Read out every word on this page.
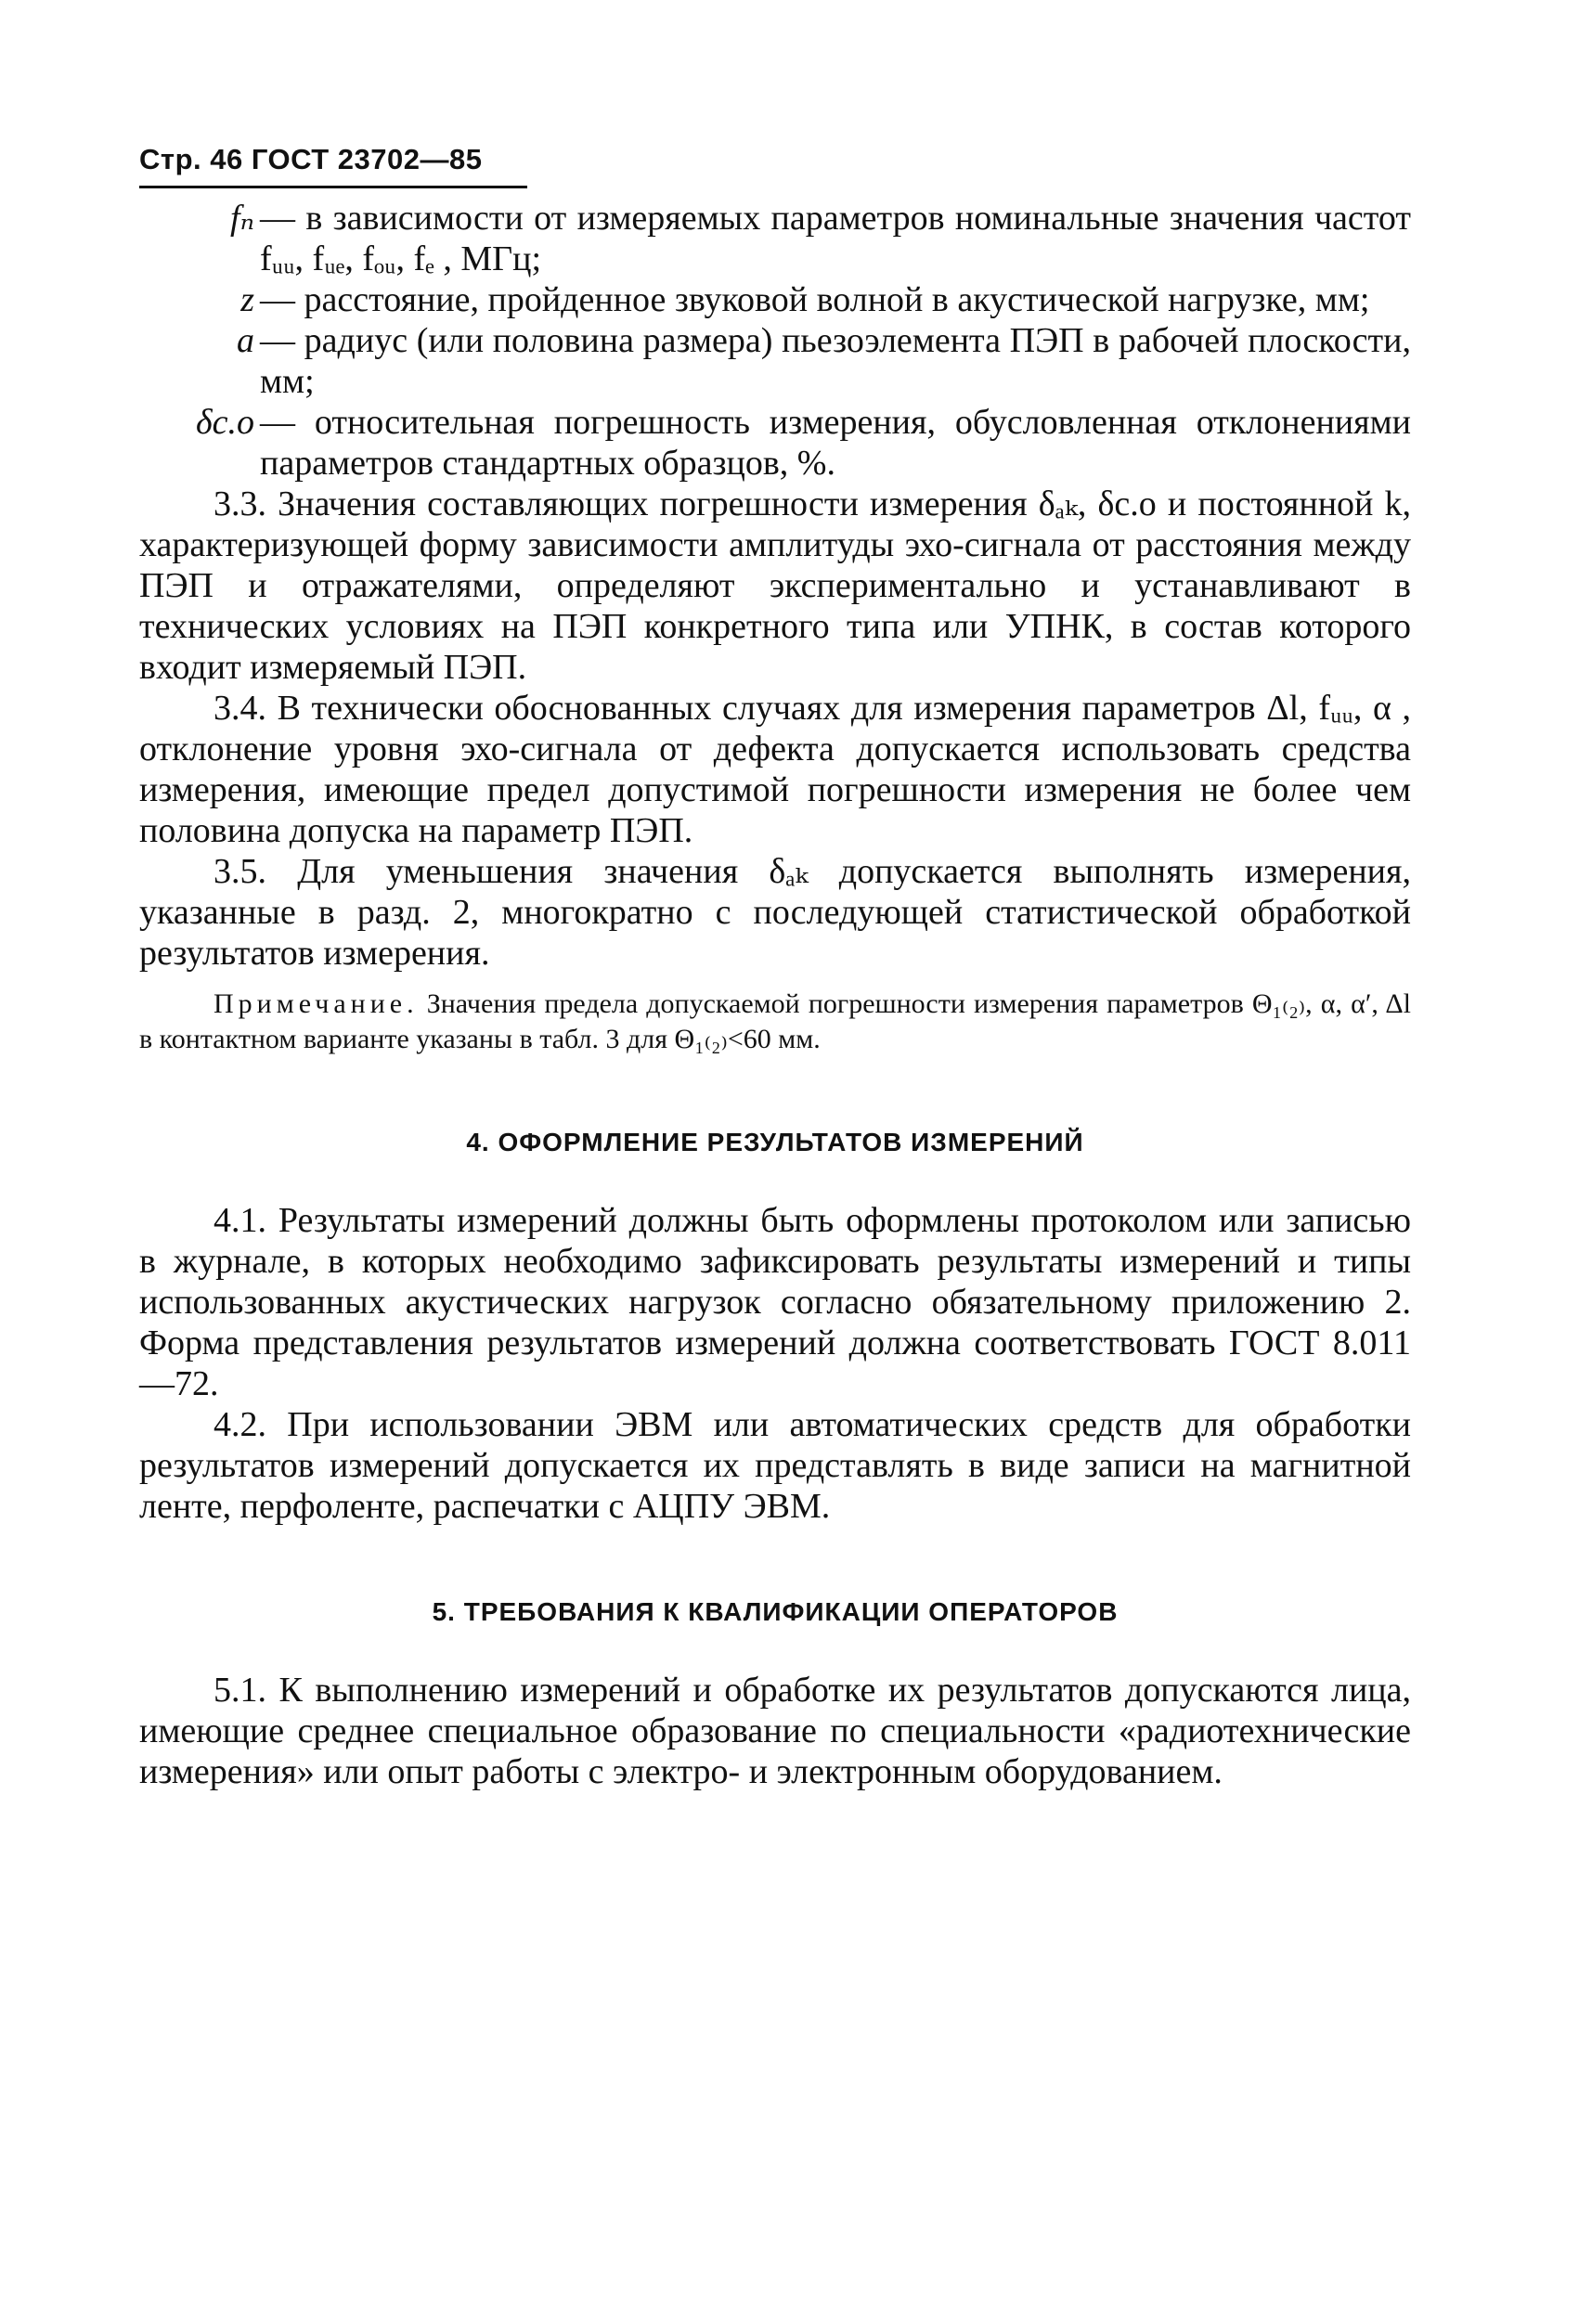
Стр. 46 ГОСТ 23702—85
fₙ — в зависимости от измеряемых параметров номинальные значения частот fᵤᵤ, fᵤₑ, fₒᵤ, fₑ , МГц;
z — расстояние, пройденное звуковой волной в акустической нагрузке, мм;
a — радиус (или половина размера) пьезоэлемента ПЭП в рабочей плоскости, мм;
δс.о — относительная погрешность измерения, обусловленная отклонениями параметров стандартных образцов, %.

3.3. Значения составляющих погрешности измерения δₐₖ, δс.о и постоянной k, характеризующей форму зависимости амплитуды эхо-сигнала от расстояния между ПЭП и отражателями, определяют экспериментально и устанавливают в технических условиях на ПЭП конкретного типа или УПНК, в состав которого входит измеряемый ПЭП.

3.4. В технически обоснованных случаях для измерения параметров Δl, fᵤᵤ, α , отклонение уровня эхо-сигнала от дефекта допускается использовать средства измерения, имеющие предел допустимой погрешности измерения не более чем половина допуска на параметр ПЭП.

3.5. Для уменьшения значения δₐₖ допускается выполнять измерения, указанные в разд. 2, многократно с последующей статистической обработкой результатов измерения.

Примечание. Значения предела допускаемой погрешности измерения параметров Θ₁₍₂₎, α, α′, Δl в контактном варианте указаны в табл. 3 для Θ₁₍₂₎<60 мм.

4. ОФОРМЛЕНИЕ РЕЗУЛЬТАТОВ ИЗМЕРЕНИЙ

4.1. Результаты измерений должны быть оформлены протоколом или записью в журнале, в которых необходимо зафиксировать результаты измерений и типы использованных акустических нагрузок согласно обязательному приложению 2. Форма представления результатов измерений должна соответствовать ГОСТ 8.011—72.

4.2. При использовании ЭВМ или автоматических средств для обработки результатов измерений допускается их представлять в виде записи на магнитной ленте, перфоленте, распечатки с АЦПУ ЭВМ.

5. ТРЕБОВАНИЯ К КВАЛИФИКАЦИИ ОПЕРАТОРОВ

5.1. К выполнению измерений и обработке их результатов допускаются лица, имеющие среднее специальное образование по специальности «радиотехнические измерения» или опыт работы с электро- и электронным оборудованием.
